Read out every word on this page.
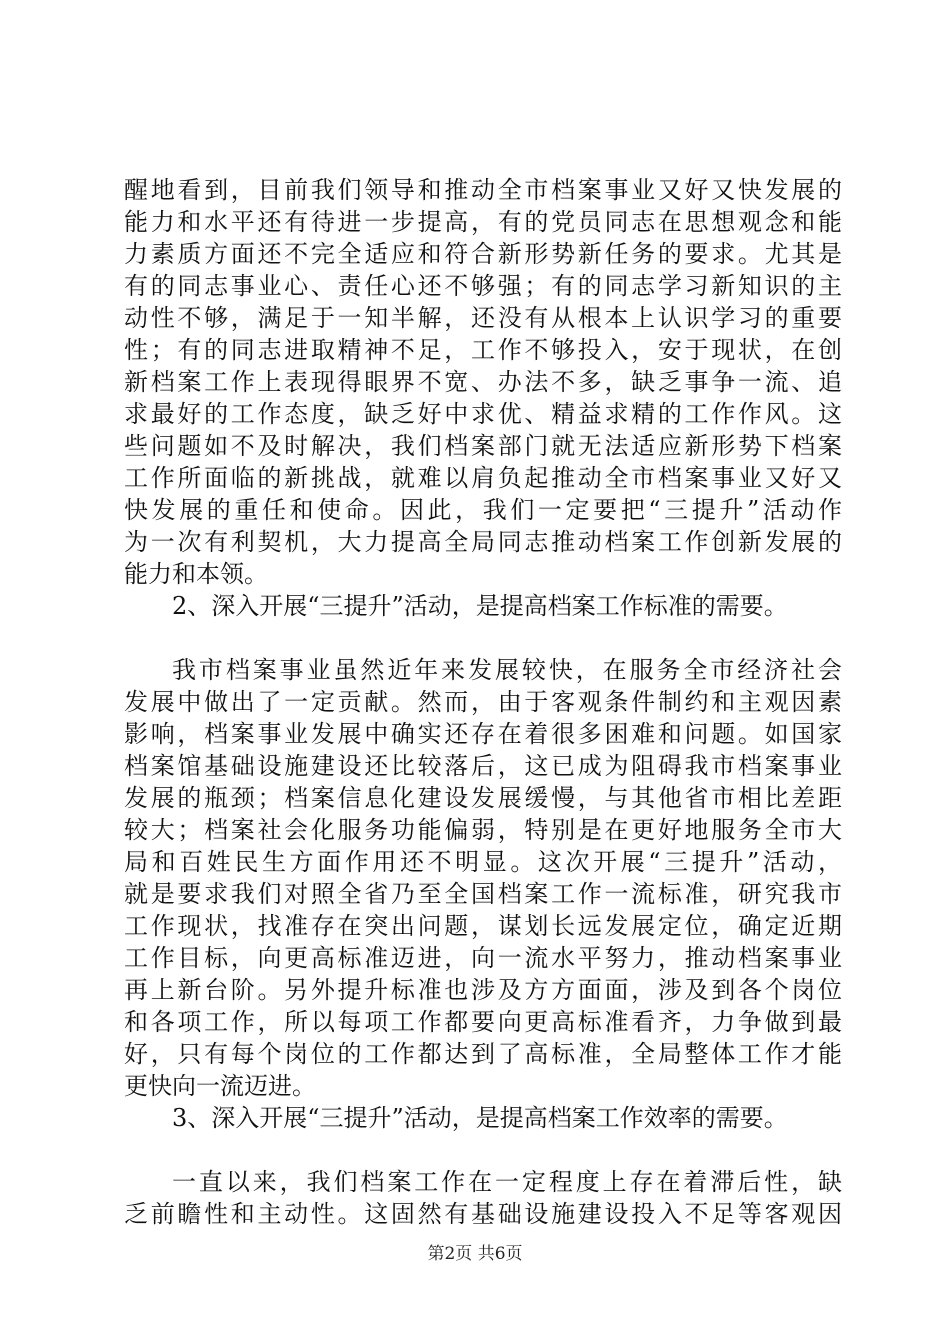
醒地看到，目前我们领导和推动全市档案事业又好又快发展的
能力和水平还有待进一步提高，有的党员同志在思想观念和能
力素质方面还不完全适应和符合新形势新任务的要求。尤其是
有的同志事业心、责任心还不够强；有的同志学习新知识的主
动性不够，满足于一知半解，还没有从根本上认识学习的重要
性；有的同志进取精神不足，工作不够投入，安于现状，在创
新档案工作上表现得眼界不宽、办法不多，缺乏事争一流、追
求最好的工作态度，缺乏好中求优、精益求精的工作作风。这
些问题如不及时解决，我们档案部门就无法适应新形势下档案
工作所面临的新挑战，就难以肩负起推动全市档案事业又好又
快发展的重任和使命。因此，我们一定要把“三提升”活动作
为一次有利契机，大力提高全局同志推动档案工作创新发展的
能力和本领。
2、深入开展“三提升”活动，是提高档案工作标准的需要。
我市档案事业虽然近年来发展较快，在服务全市经济社会
发展中做出了一定贡献。然而，由于客观条件制约和主观因素
影响，档案事业发展中确实还存在着很多困难和问题。如国家
档案馆基础设施建设还比较落后，这已成为阻碍我市档案事业
发展的瓶颈；档案信息化建设发展缓慢，与其他省市相比差距
较大；档案社会化服务功能偏弱，特别是在更好地服务全市大
局和百姓民生方面作用还不明显。这次开展“三提升”活动，
就是要求我们对照全省乃至全国档案工作一流标准，研究我市
工作现状，找准存在突出问题，谋划长远发展定位，确定近期
工作目标，向更高标准迈进，向一流水平努力，推动档案事业
再上新台阶。另外提升标准也涉及方方面面，涉及到各个岗位
和各项工作，所以每项工作都要向更高标准看齐，力争做到最
好，只有每个岗位的工作都达到了高标准，全局整体工作才能
更快向一流迈进。
3、深入开展“三提升”活动，是提高档案工作效率的需要。
一直以来，我们档案工作在一定程度上存在着滞后性，缺
乏前瞻性和主动性。这固然有基础设施建设投入不足等客观因
第2页 共6页
